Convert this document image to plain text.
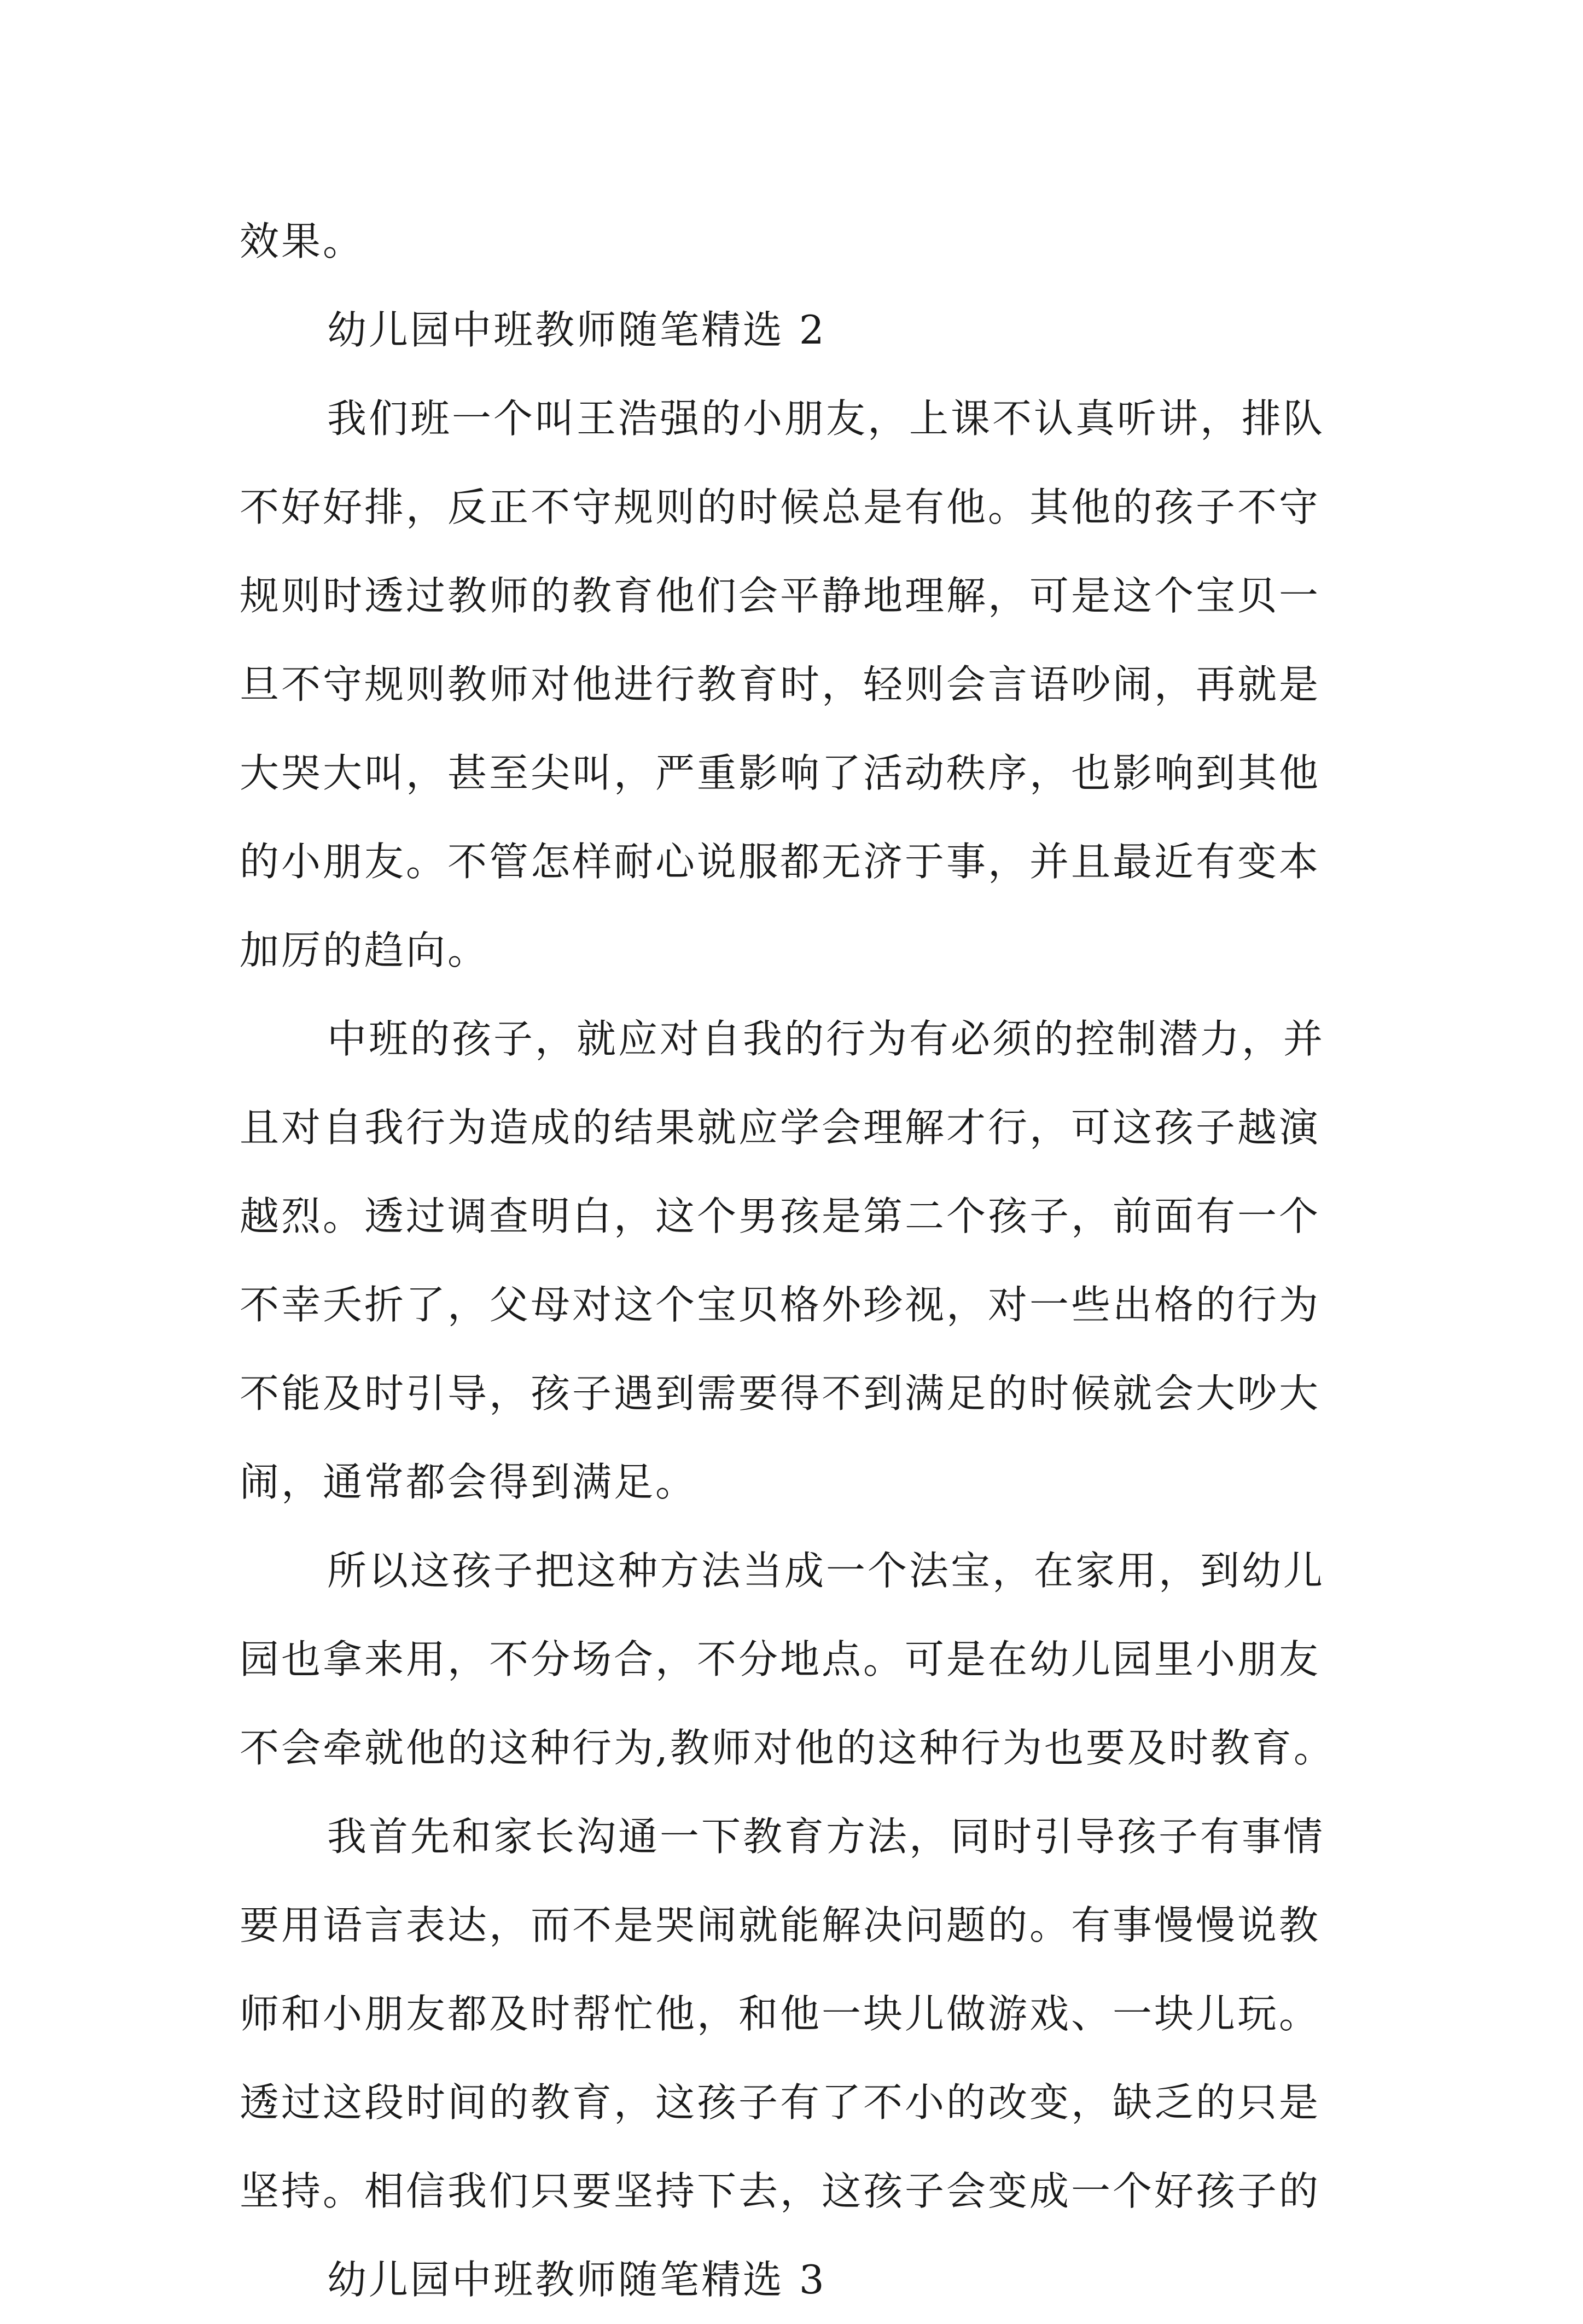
效果。
幼儿园中班教师随笔精选 2
我们班一个叫王浩强的小朋友，上课不认真听讲，排队
不好好排，反正不守规则的时候总是有他。其他的孩子不守
规则时透过教师的教育他们会平静地理解，可是这个宝贝一
旦不守规则教师对他进行教育时，轻则会言语吵闹，再就是
大哭大叫，甚至尖叫，严重影响了活动秩序，也影响到其他
的小朋友。不管怎样耐心说服都无济于事，并且最近有变本
加厉的趋向。
中班的孩子，就应对自我的行为有必须的控制潜力，并
且对自我行为造成的结果就应学会理解才行，可这孩子越演
越烈。透过调查明白，这个男孩是第二个孩子，前面有一个
不幸夭折了，父母对这个宝贝格外珍视，对一些出格的行为
不能及时引导，孩子遇到需要得不到满足的时候就会大吵大
闹，通常都会得到满足。
所以这孩子把这种方法当成一个法宝，在家用，到幼儿
园也拿来用，不分场合，不分地点。可是在幼儿园里小朋友
不会牵就他的这种行为,教师对他的这种行为也要及时教育。
我首先和家长沟通一下教育方法，同时引导孩子有事情
要用语言表达，而不是哭闹就能解决问题的。有事慢慢说教
师和小朋友都及时帮忙他，和他一块儿做游戏、一块儿玩。
透过这段时间的教育，这孩子有了不小的改变，缺乏的只是
坚持。相信我们只要坚持下去，这孩子会变成一个好孩子的
幼儿园中班教师随笔精选 3
